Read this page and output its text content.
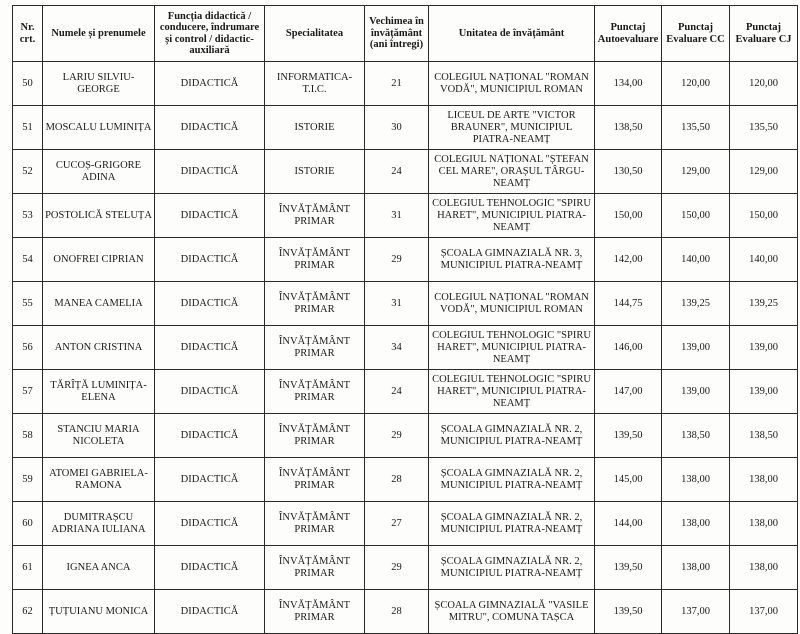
Nr. crt.	Numele și prenumele	Funcția didactică / conducere, îndrumare și control / didactic-auxiliară	Specialitatea	Vechimea în învățământ (ani întregi)	Unitatea de învățământ	Punctaj Autoevaluare	Punctaj Evaluare CC	Punctaj Evaluare CJ
50	LARIU SILVIU-GEORGE	DIDACTICĂ	INFORMATICA-T.I.C.	21	COLEGIUL NAȚIONAL "ROMAN VODĂ", MUNICIPIUL ROMAN	134,00	120,00	120,00
51	MOSCALU LUMINIȚA	DIDACTICĂ	ISTORIE	30	LICEUL DE ARTE "VICTOR BRAUNER", MUNICIPIUL PIATRA-NEAMȚ	138,50	135,50	135,50
52	CUCOȘ-GRIGORE ADINA	DIDACTICĂ	ISTORIE	24	COLEGIUL NAȚIONAL "ȘTEFAN CEL MARE", ORAȘUL TÂRGU-NEAMȚ	130,50	129,00	129,00
53	POSTOLICĂ STELUȚA	DIDACTICĂ	ÎNVĂȚĂMÂNT PRIMAR	31	COLEGIUL TEHNOLOGIC "SPIRU HARET", MUNICIPIUL PIATRA-NEAMȚ	150,00	150,00	150,00
54	ONOFREI CIPRIAN	DIDACTICĂ	ÎNVĂȚĂMÂNT PRIMAR	29	ȘCOALA GIMNAZIALĂ NR. 3, MUNICIPIUL PIATRA-NEAMȚ	142,00	140,00	140,00
55	MANEA CAMELIA	DIDACTICĂ	ÎNVĂȚĂMÂNT PRIMAR	31	COLEGIUL NAȚIONAL "ROMAN VODĂ", MUNICIPIUL ROMAN	144,75	139,25	139,25
56	ANTON CRISTINA	DIDACTICĂ	ÎNVĂȚĂMÂNT PRIMAR	34	COLEGIUL TEHNOLOGIC "SPIRU HARET", MUNICIPIUL PIATRA-NEAMȚ	146,00	139,00	139,00
57	TĂRÎȚĂ LUMINIȚA-ELENA	DIDACTICĂ	ÎNVĂȚĂMÂNT PRIMAR	24	COLEGIUL TEHNOLOGIC "SPIRU HARET", MUNICIPIUL PIATRA-NEAMȚ	147,00	139,00	139,00
58	STANCIU MARIA NICOLETA	DIDACTICĂ	ÎNVĂȚĂMÂNT PRIMAR	29	ȘCOALA GIMNAZIALĂ NR. 2, MUNICIPIUL PIATRA-NEAMȚ	139,50	138,50	138,50
59	ATOMEI GABRIELA-RAMONA	DIDACTICĂ	ÎNVĂȚĂMÂNT PRIMAR	28	ȘCOALA GIMNAZIALĂ NR. 2, MUNICIPIUL PIATRA-NEAMȚ	145,00	138,00	138,00
60	DUMITRAȘCU ADRIANA IULIANA	DIDACTICĂ	ÎNVĂȚĂMÂNT PRIMAR	27	ȘCOALA GIMNAZIALĂ NR. 2, MUNICIPIUL PIATRA-NEAMȚ	144,00	138,00	138,00
61	IGNEA ANCA	DIDACTICĂ	ÎNVĂȚĂMÂNT PRIMAR	29	ȘCOALA GIMNAZIALĂ NR. 2, MUNICIPIUL PIATRA-NEAMȚ	139,50	138,00	138,00
62	ȚUȚUIANU MONICA	DIDACTICĂ	ÎNVĂȚĂMÂNT PRIMAR	28	ȘCOALA GIMNAZIALĂ "VASILE MITRU", COMUNA TAȘCA	139,50	137,00	137,00
